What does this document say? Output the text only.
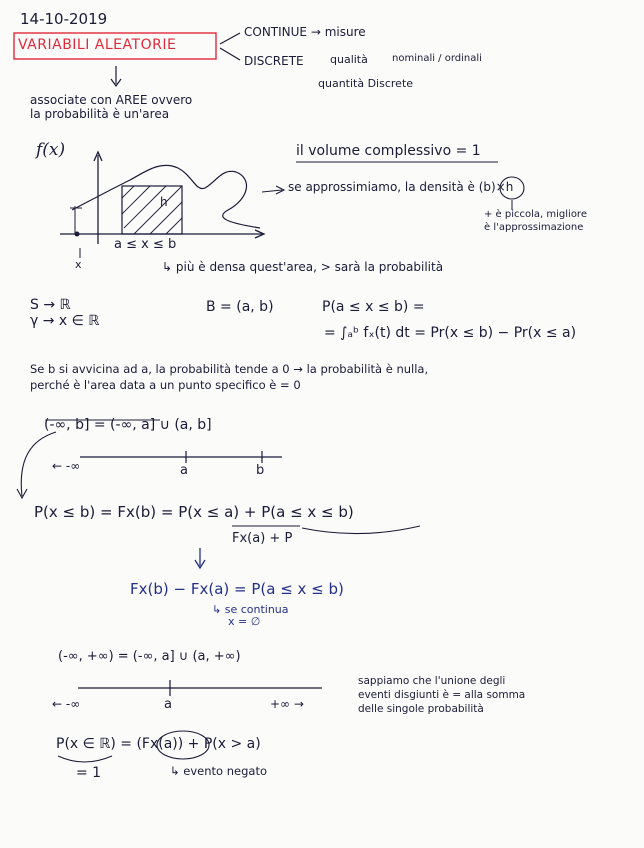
14-10-2019
VARIABILI ALEATORIE
CONTINUE → misure
DISCRETE qualità nominali / ordinali
quantità Discrete
associate con AREE ovvero
la probabilità è un'area
f(x)
h
x
a ≤ x ≤ b
il volume complessivo = 1
se approssimiamo, la densità è (b)×h
+ è piccola, migliore
è l'approssimazione
↳ più è densa quest'area, > sarà la probabilità
S → ℝ
γ → x ∈ ℝ
B = (a, b)	P(a ≤ x ≤ b) =
= ∫ₐᵇ fₓ(t) dt = Pr(x ≤ b) − Pr(x ≤ a)
Se b si avvicina ad a, la probabilità tende a 0 → la probabilità è nulla,
perché è l'area data a un punto specifico è = 0
(-∞, b] = (-∞, a] ∪ (a, b]
← -∞	a	b
P(x ≤ b) = Fx(b) = P(x ≤ a) + P(a ≤ x ≤ b)
Fx(a) + P
Fx(b) − Fx(a) = P(a ≤ x ≤ b)
↳ se continua
x = ∅
(-∞, +∞) = (-∞, a] ∪ (a, +∞)
← -∞	a	+∞ →
sappiamo che l'unione degli
eventi disgiunti è = alla somma
delle singole probabilità
P(x ∈ ℝ) = (Fx(a)) + P(x > a)
= 1	↳ evento negato
